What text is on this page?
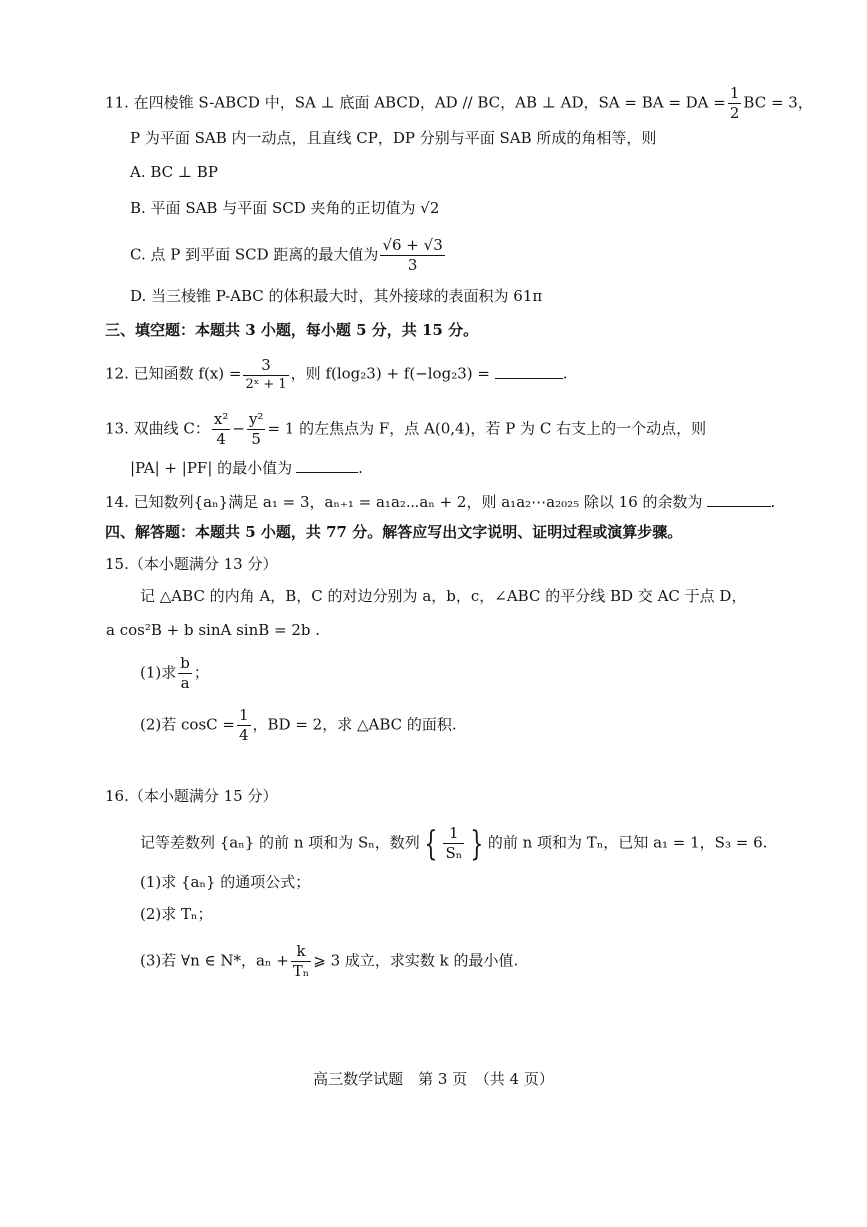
11. 在四棱锥 S-ABCD 中，SA ⊥ 底面 ABCD，AD // BC，AB ⊥ AD，SA = BA = DA = $\frac{1}{2}$ BC = 3，
P 为平面 SAB 内一动点，且直线 CP，DP 分别与平面 SAB 所成的角相等，则
A. BC ⊥ BP
B. 平面 SAB 与平面 SCD 夹角的正切值为 √2
C. 点 P 到平面 SCD 距离的最大值为 $\frac{√6 + √3}{3}$
D. 当三棱锥 P-ABC 的体积最大时，其外接球的表面积为 61π
三、填空题：本题共 3 小题，每小题 5 分，共 15 分。
12. 已知函数 $f(x) = \frac{3}{\text{2ˣ + 1}}$ ，则 f(log₂3) + f(−log₂3) =	.
13. 双曲线 C： $\frac{\text{x²}}{4} - \frac{\text{y²}}{5} = 1$ 的左焦点为 F，点 A(0,4)，若 P 为 C 右支上的一个动点，则
|PA| + |PF| 的最小值为	.
14. 已知数列{aₙ}满足 a₁ = 3，aₙ₊₁ = a₁a₂⋯aₙ + 2，则 a₁a₂⋯a₂₀₂₅ 除以 16 的余数为	.
四、解答题：本题共 5 小题，共 77 分。解答应写出文字说明、证明过程或演算步骤。
15.（本小题满分 13 分）
记 △ABC 的内角 A，B，C 的对边分别为 a，b，c，∠ABC 的平分线 BD 交 AC 于点 D，
a cos²B + b sinA sinB = 2b .
(1)求 $\frac{b}{a}$ ；
(2)若 $\cos C = \frac{1}{4}$ ，BD = 2，求 △ABC 的面积.
16.（本小题满分 15 分）
记等差数列 {aₙ} 的前 n 项和为 Sₙ，数列 { $\frac{1}{\text{Sₙ}}$ } 的前 n 项和为 Tₙ，已知 a₁ = 1，S₃ = 6.
(1)求 {aₙ} 的通项公式；
(2)求 Tₙ；
(3)若 ∀n ∈ N*，$a_n + \frac{k}{\text{Tₙ}}$ ⩾ 3 成立，求实数 k 的最小值.
高三数学试题　第 3 页　（共 4 页）
